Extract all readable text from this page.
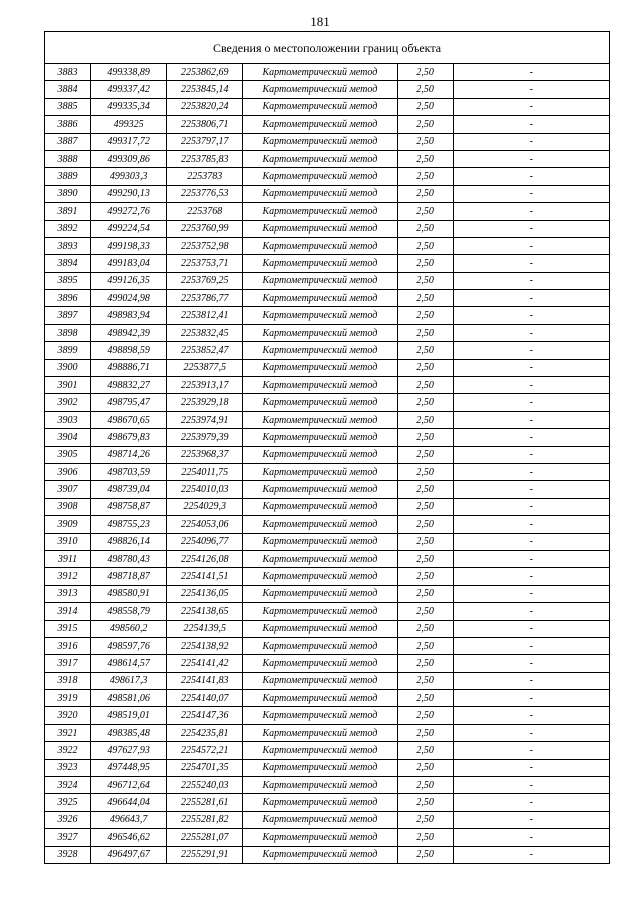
181
Сведения о местоположении границ объекта					
3883	499338,89	2253862,69	Картометрический метод	2,50	-
3884	499337,42	2253845,14	Картометрический метод	2,50	-
3885	499335,34	2253820,24	Картометрический метод	2,50	-
3886	499325	2253806,71	Картометрический метод	2,50	-
3887	499317,72	2253797,17	Картометрический метод	2,50	-
3888	499309,86	2253785,83	Картометрический метод	2,50	-
3889	499303,3	2253783	Картометрический метод	2,50	-
3890	499290,13	2253776,53	Картометрический метод	2,50	-
3891	499272,76	2253768	Картометрический метод	2,50	-
3892	499224,54	2253760,99	Картометрический метод	2,50	-
3893	499198,33	2253752,98	Картометрический метод	2,50	-
3894	499183,04	2253753,71	Картометрический метод	2,50	-
3895	499126,35	2253769,25	Картометрический метод	2,50	-
3896	499024,98	2253786,77	Картометрический метод	2,50	-
3897	498983,94	2253812,41	Картометрический метод	2,50	-
3898	498942,39	2253832,45	Картометрический метод	2,50	-
3899	498898,59	2253852,47	Картометрический метод	2,50	-
3900	498886,71	2253877,5	Картометрический метод	2,50	-
3901	498832,27	2253913,17	Картометрический метод	2,50	-
3902	498795,47	2253929,18	Картометрический метод	2,50	-
3903	498670,65	2253974,91	Картометрический метод	2,50	-
3904	498679,83	2253979,39	Картометрический метод	2,50	-
3905	498714,26	2253968,37	Картометрический метод	2,50	-
3906	498703,59	2254011,75	Картометрический метод	2,50	-
3907	498739,04	2254010,03	Картометрический метод	2,50	-
3908	498758,87	2254029,3	Картометрический метод	2,50	-
3909	498755,23	2254053,06	Картометрический метод	2,50	-
3910	498826,14	2254096,77	Картометрический метод	2,50	-
3911	498780,43	2254126,08	Картометрический метод	2,50	-
3912	498718,87	2254141,51	Картометрический метод	2,50	-
3913	498580,91	2254136,05	Картометрический метод	2,50	-
3914	498558,79	2254138,65	Картометрический метод	2,50	-
3915	498560,2	2254139,5	Картометрический метод	2,50	-
3916	498597,76	2254138,92	Картометрический метод	2,50	-
3917	498614,57	2254141,42	Картометрический метод	2,50	-
3918	498617,3	2254141,83	Картометрический метод	2,50	-
3919	498581,06	2254140,07	Картометрический метод	2,50	-
3920	498519,01	2254147,36	Картометрический метод	2,50	-
3921	498385,48	2254235,81	Картометрический метод	2,50	-
3922	497627,93	2254572,21	Картометрический метод	2,50	-
3923	497448,95	2254701,35	Картометрический метод	2,50	-
3924	496712,64	2255240,03	Картометрический метод	2,50	-
3925	496644,04	2255281,61	Картометрический метод	2,50	-
3926	496643,7	2255281,82	Картометрический метод	2,50	-
3927	496546,62	2255281,07	Картометрический метод	2,50	-
3928	496497,67	2255291,91	Картометрический метод	2,50	-
